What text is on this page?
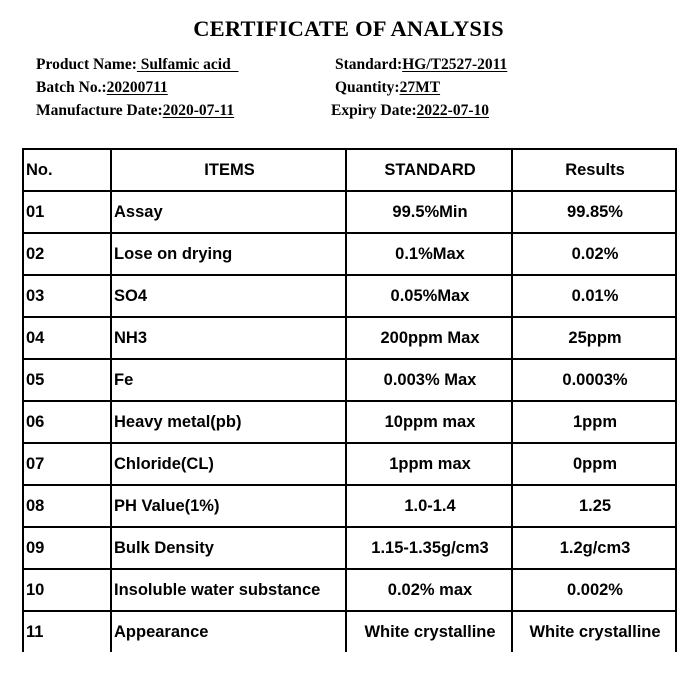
CERTIFICATE OF ANALYSIS
Product Name: Sulfamic acid
Batch No.:20200711
Manufacture Date:2020-07-11
Standard:HG/T2527-2011
Quantity:27MT
Expiry Date:2022-07-10
No.	ITEMS	STANDARD	Results
01	Assay	99.5%Min	99.85%
02	Lose on drying	0.1%Max	0.02%
03	SO4	0.05%Max	0.01%
04	NH3	200ppm Max	25ppm
05	Fe	0.003% Max	0.0003%
06	Heavy metal(pb)	10ppm max	1ppm
07	Chloride(CL)	1ppm max	0ppm
08	PH Value(1%)	1.0-1.4	1.25
09	Bulk Density	1.15-1.35g/cm3	1.2g/cm3
10	Insoluble water substance	0.02% max	0.002%
11	Appearance	White crystalline	White crystalline
